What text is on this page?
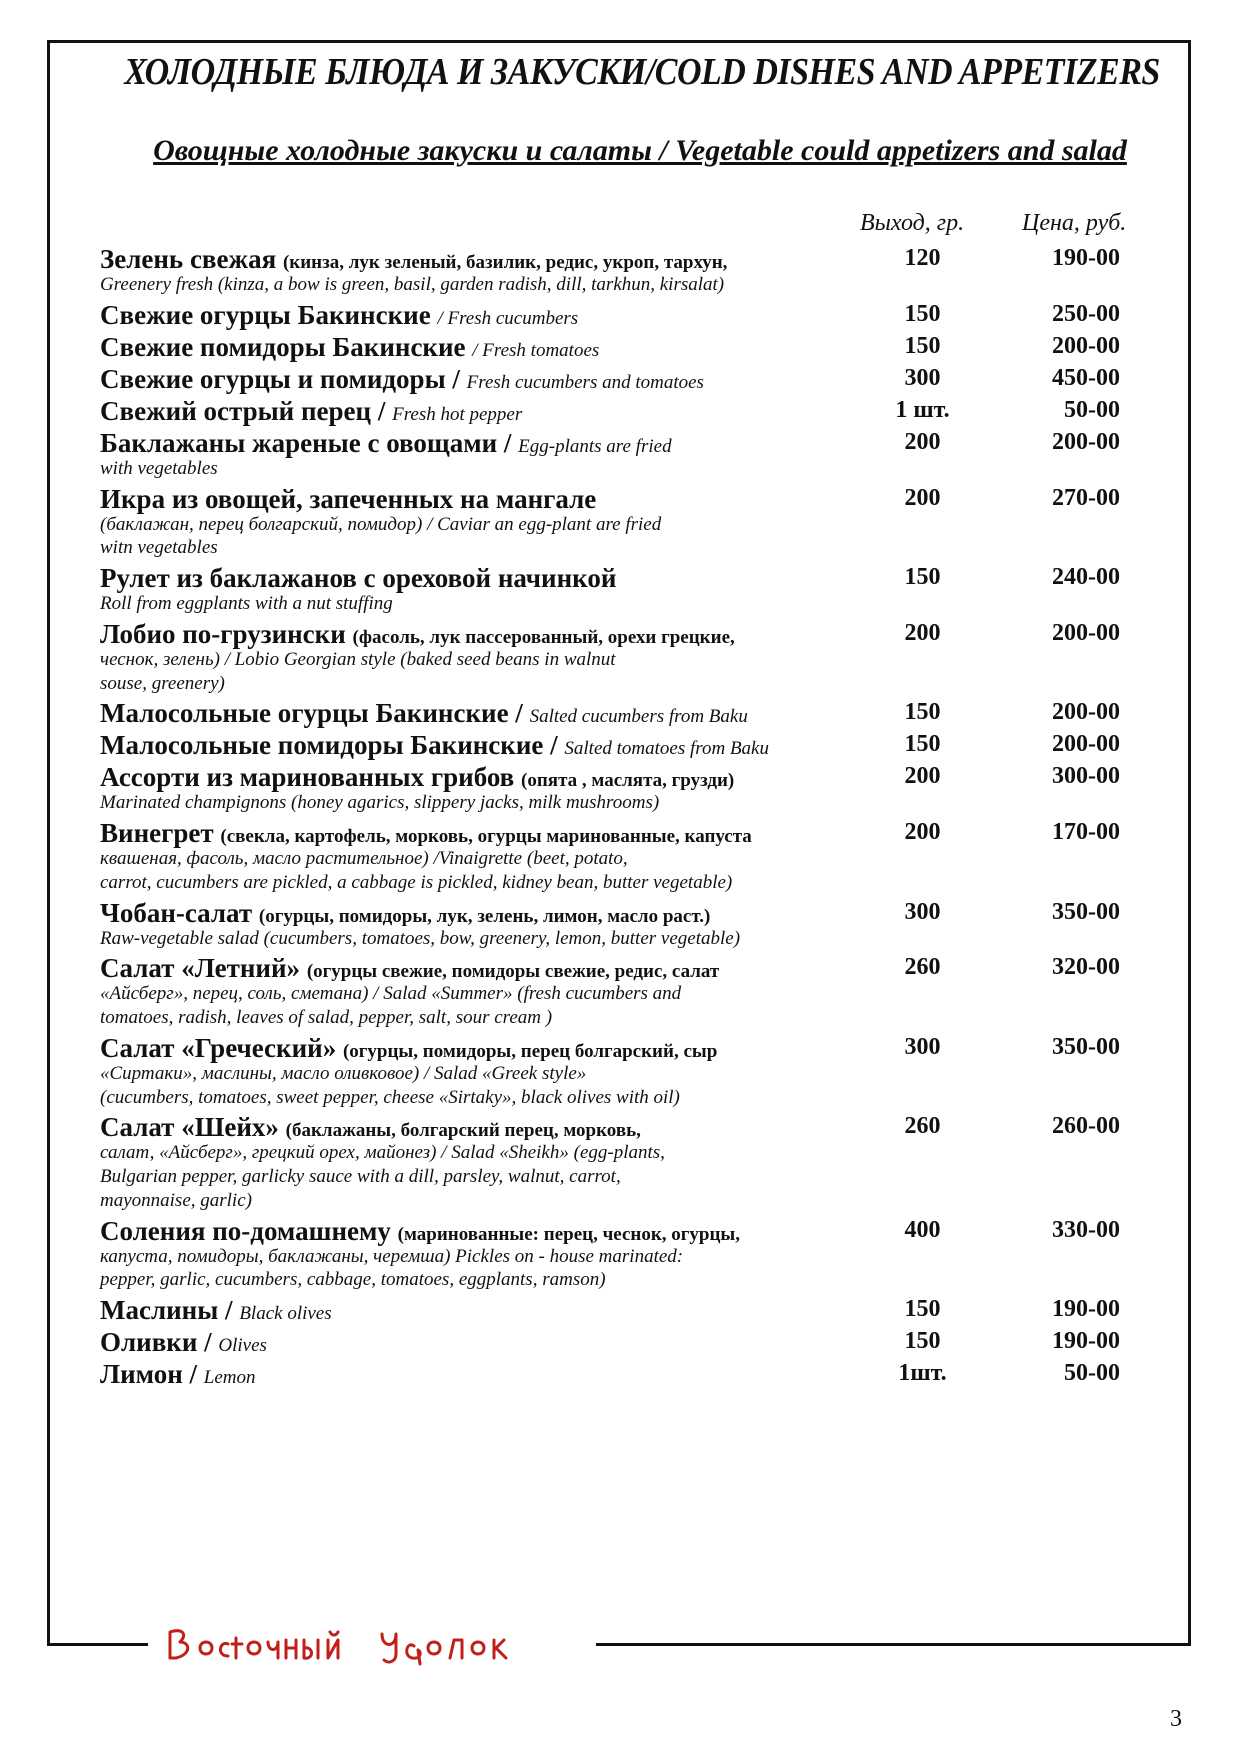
ХОЛОДНЫЕ БЛЮДА И ЗАКУСКИ/COLD DISHES AND APPETIZERS
Овощные холодные закуски и салаты / Vegetable could appetizers and salad
Выход, гр. Цена, руб.
Зелень свежая (кинза, лук зеленый, базилик, редис, укроп, тархун,
Greenery fresh (kinza, a bow is green, basil, garden radish, dill, tarkhun, kirsalat)
120	190-00
Свежие огурцы Бакинские / Fresh cucumbers	150	250-00
Свежие помидоры Бакинские / Fresh tomatoes	150	200-00
Свежие огурцы и помидоры / Fresh cucumbers and tomatoes	300	450-00
Свежий острый перец / Fresh hot pepper	1 шт.	50-00
Баклажаны жареные с овощами / Egg-plants are fried
with vegetables
200	200-00
Икра из овощей, запеченных на мангале
(баклажан, перец болгарский, помидор) / Caviar an egg-plant are fried
witn vegetables
200	270-00
Рулет из баклажанов с ореховой начинкой
Roll from eggplants with a nut stuffing
150	240-00
Лобио по-грузински (фасоль, лук пассерованный, орехи грецкие,
чеснок, зелень) / Lobio Georgian style (baked seed beans in walnut
souse, greenery)
200	200-00
Малосольные огурцы Бакинские / Salted cucumbers from Baku	150	200-00
Малосольные помидоры Бакинские / Salted tomatoes from Baku	150	200-00
Ассорти из маринованных грибов (опята , маслята, грузди)
Marinated champignons (honey agarics, slippery jacks, milk mushrooms)
200	300-00
Винегрет (свекла, картофель, морковь, огурцы маринованные, капуста
квашеная, фасоль, масло растительное) /Vinaigrette (beet, potato,
carrot, cucumbers are pickled, a cabbage is pickled, kidney bean, butter vegetable)
200	170-00
Чобан-салат (огурцы, помидоры, лук, зелень, лимон, масло раст.)
Raw-vegetable salad (cucumbers, tomatoes, bow, greenery, lemon, butter vegetable)
300	350-00
Салат «Летний» (огурцы свежие, помидоры свежие, редис, салат
«Айсберг», перец, соль, сметана) / Salad «Summer» (fresh cucumbers and
tomatoes, radish, leaves of salad, pepper, salt, sour cream )
260	320-00
Салат «Греческий» (огурцы, помидоры, перец болгарский, сыр
«Сиртаки», маслины, масло оливковое) / Salad «Greek style»
(cucumbers, tomatoes, sweet pepper, cheese «Sirtaky», black olives with oil)
300	350-00
Салат «Шейх» (баклажаны, болгарский перец, морковь,
салат, «Айсберг», грецкий орех, майонез) / Salad «Sheikh» (egg-plants,
Bulgarian pepper, garlicky sauce with a dill, parsley, walnut, carrot,
mayonnaise, garlic)
260	260-00
Соления по-домашнему (маринованные: перец, чеснок, огурцы,
капуста, помидоры, баклажаны, черемша) Pickles on - house marinated:
pepper, garlic, cucumbers, cabbage, tomatoes, eggplants, ramson)
400	330-00
Маслины / Black olives	150	190-00
Оливки / Olives	150	190-00
Лимон / Lemon	1шт.	50-00
3
